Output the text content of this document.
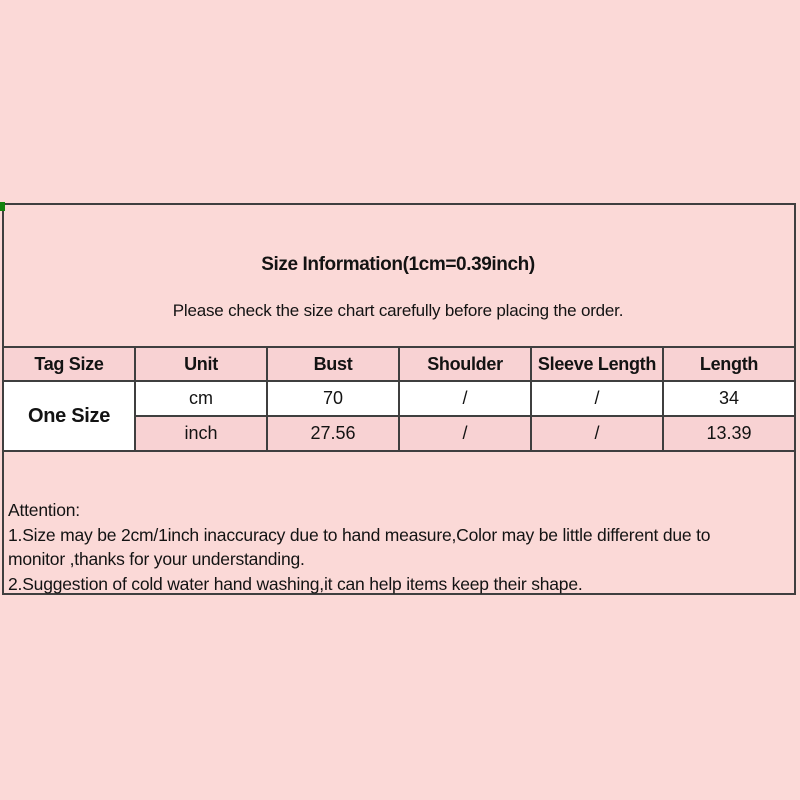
Size Information(1cm=0.39inch)
Please check the size chart carefully before placing the order.
Tag Size	Unit	Bust	Shoulder	Sleeve Length	Length
One Size	cm	70	/	/	34
	inch	27.56	/	/	13.39
Attention:
1.Size may be 2cm/1inch inaccuracy due to hand measure,Color may be little different due to
monitor ,thanks for your understanding.
2.Suggestion of cold water hand washing,it can help items keep their shape.
